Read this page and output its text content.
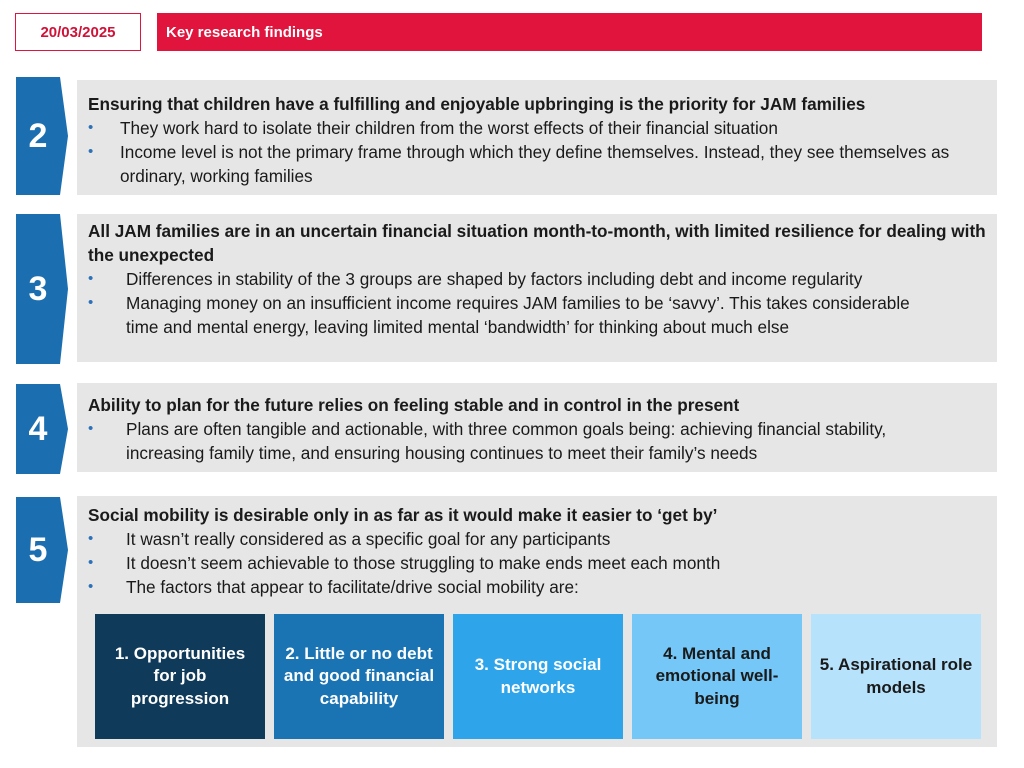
20/03/2025	Key research findings
2
Ensuring that children have a fulfilling and enjoyable upbringing is the priority for JAM families
•	They work hard to isolate their children from the worst effects of their financial situation
•	Income level is not the primary frame through which they define themselves. Instead, they see themselves as ordinary, working families
3
All JAM families are in an uncertain financial situation month-to-month, with limited resilience for dealing with the unexpected
•	Differences in stability of the 3 groups are shaped by factors including debt and income regularity
•	Managing money on an insufficient income requires JAM families to be ‘savvy’. This takes considerable time and mental energy, leaving limited mental ‘bandwidth’ for thinking about much else
4
Ability to plan for the future relies on feeling stable and in control in the present
•	Plans are often tangible and actionable, with three common goals being: achieving financial stability, increasing family time, and ensuring housing continues to meet their family’s needs
5
Social mobility is desirable only in as far as it would make it easier to ‘get by’
•	It wasn’t really considered as a specific goal for any participants
•	It doesn’t seem achievable to those struggling to make ends meet each month
•	The factors that appear to facilitate/drive social mobility are:
1. Opportunities for job progression
2. Little or no debt and good financial capability
3. Strong social networks
4. Mental and emotional well-being
5. Aspirational role models
